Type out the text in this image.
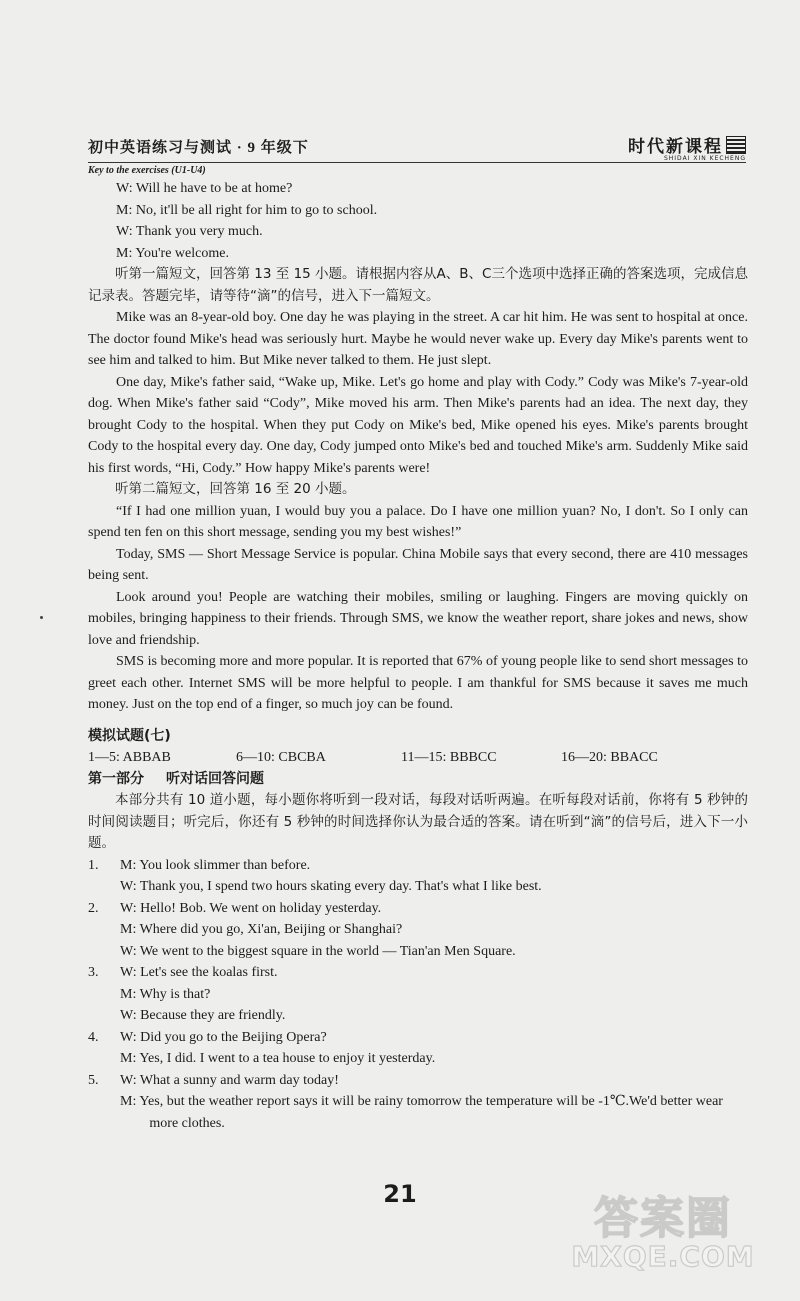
初中英语练习与测试 · 9 年级下	时代新课程
SHIDAI XIN KECHENG
Key to the exercises (U1-U4)

W: Will he have to be at home?

M: No, it'll be all right for him to go to school.

W: Thank you very much.

M: You're welcome.

听第一篇短文，回答第 13 至 15 小题。请根据内容从A、B、C三个选项中选择正确的答案选项，完成信息记录表。答题完毕，请等待“滴”的信号，进入下一篇短文。

Mike was an 8-year-old boy. One day he was playing in the street. A car hit him. He was sent to hospital at once. The doctor found Mike's head was seriously hurt. Maybe he would never wake up. Every day Mike's parents went to see him and talked to him. But Mike never talked to them. He just slept.

One day, Mike's father said, “Wake up, Mike. Let's go home and play with Cody.” Cody was Mike's 7-year-old dog. When Mike's father said “Cody”, Mike moved his arm. Then Mike's parents had an idea. The next day, they brought Cody to the hospital. When they put Cody on Mike's bed, Mike opened his eyes. Mike's parents brought Cody to the hospital every day. One day, Cody jumped onto Mike's bed and touched Mike's arm. Suddenly Mike said his first words, “Hi, Cody.” How happy Mike's parents were!

听第二篇短文，回答第 16 至 20 小题。

“If I had one million yuan, I would buy you a palace. Do I have one million yuan? No, I don't. So I only can spend ten fen on this short message, sending you my best wishes!”

Today, SMS — Short Message Service is popular. China Mobile says that every second, there are 410 messages being sent.

Look around you! People are watching their mobiles, smiling or laughing. Fingers are moving quickly on mobiles, bringing happiness to their friends. Through SMS, we know the weather report, share jokes and news, show love and friendship.

SMS is becoming more and more popular. It is reported that 67% of young people like to send short messages to greet each other. Internet SMS will be more helpful to people. I am thankful for SMS because it saves me much money. Just on the top end of a finger, so much joy can be found.

模拟试题(七)

1—5: ABBAB	6—10: CBCBA	11—15: BBBCC	16—20: BBACC

第一部分 听对话回答问题

本部分共有 10 道小题，每小题你将听到一段对话，每段对话听两遍。在听每段对话前，你将有 5 秒钟的时间阅读题目；听完后，你还有 5 秒钟的时间选择你认为最合适的答案。请在听到“滴”的信号后，进入下一小题。

1.	M: You look slimmer than before.
W: Thank you, I spend two hours skating every day. That's what I like best.
2.	W: Hello! Bob. We went on holiday yesterday.
M: Where did you go, Xi'an, Beijing or Shanghai?
W: We went to the biggest square in the world — Tian'an Men Square.
3.	W: Let's see the koalas first.
M: Why is that?
W: Because they are friendly.
4.	W: Did you go to the Beijing Opera?
M: Yes, I did. I went to a tea house to enjoy it yesterday.
5.	W: What a sunny and warm day today!
M: Yes, but the weather report says it will be rainy tomorrow the temperature will be -1℃.We'd better wear more clothes.
21	答案圈
MXQE.COM
